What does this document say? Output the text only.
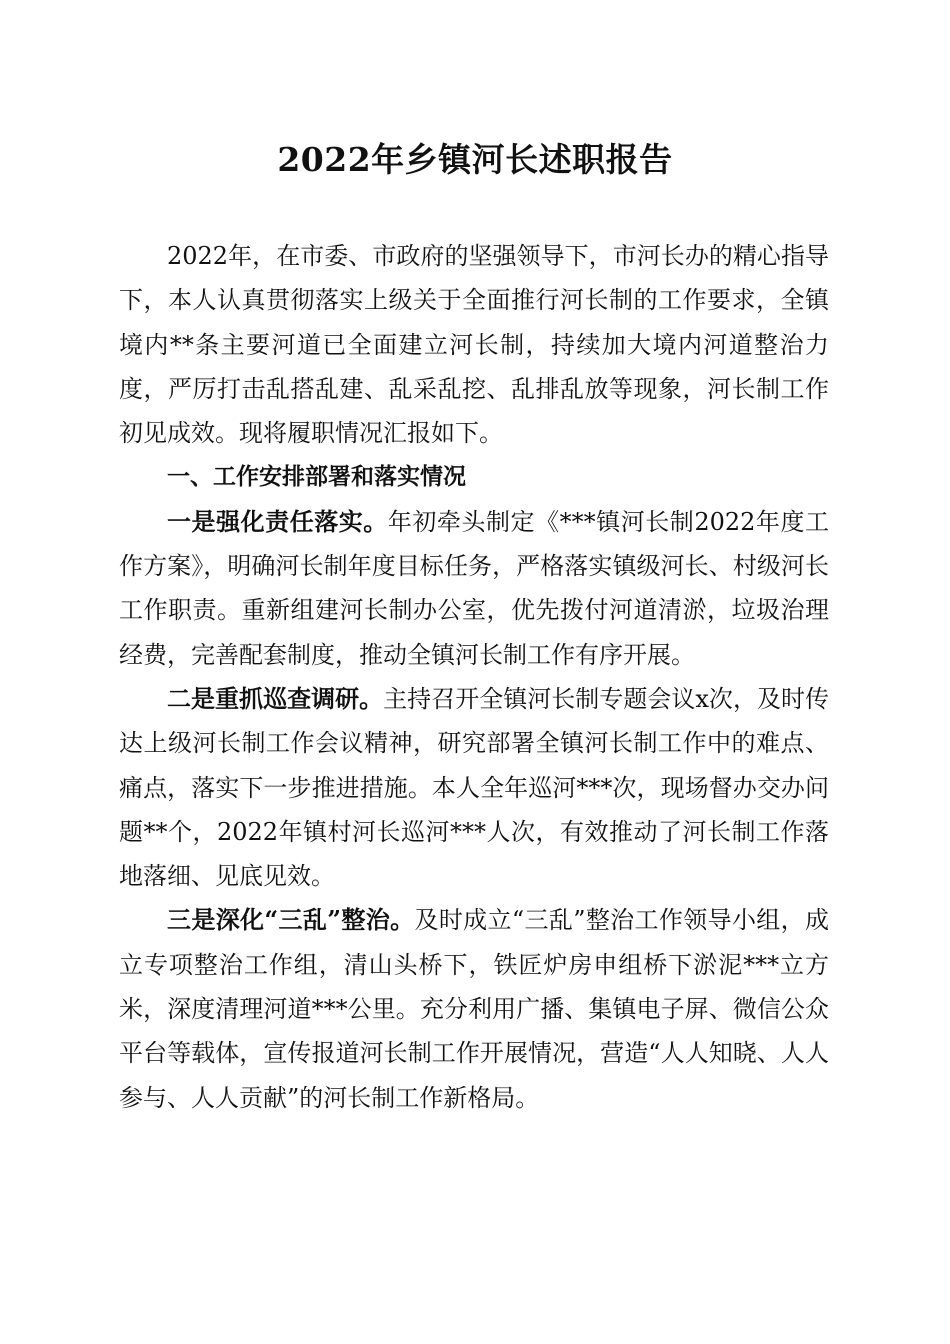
2022年乡镇河长述职报告

2022年，在市委、市政府的坚强领导下，市河长办的精心指导下，本人认真贯彻落实上级关于全面推行河长制的工作要求，全镇境内**条主要河道已全面建立河长制，持续加大境内河道整治力度，严厉打击乱搭乱建、乱采乱挖、乱排乱放等现象，河长制工作初见成效。现将履职情况汇报如下。

一、工作安排部署和落实情况

一是强化责任落实。年初牵头制定《***镇河长制2022年度工作方案》，明确河长制年度目标任务，严格落实镇级河长、村级河长工作职责。重新组建河长制办公室，优先拨付河道清淤，垃圾治理经费，完善配套制度，推动全镇河长制工作有序开展。

二是重抓巡查调研。主持召开全镇河长制专题会议x次，及时传达上级河长制工作会议精神，研究部署全镇河长制工作中的难点、痛点，落实下一步推进措施。本人全年巡河***次，现场督办交办问题**个，2022年镇村河长巡河***人次，有效推动了河长制工作落地落细、见底见效。

三是深化“三乱”整治。及时成立“三乱”整治工作领导小组，成立专项整治工作组，清山头桥下，铁匠炉房申组桥下淤泥***立方米，深度清理河道***公里。充分利用广播、集镇电子屏、微信公众平台等载体，宣传报道河长制工作开展情况，营造“人人知晓、人人参与、人人贡献”的河长制工作新格局。
